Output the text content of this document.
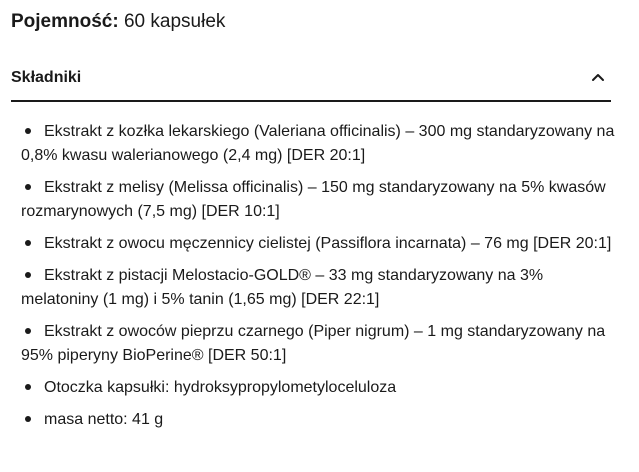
Pojemność: 60 kapsułek
Składniki
Ekstrakt z kozłka lekarskiego (Valeriana officinalis) – 300 mg standaryzowany na 0,8% kwasu walerianowego (2,4 mg) [DER 20:1]
Ekstrakt z melisy (Melissa officinalis) – 150 mg standaryzowany na 5% kwasów rozmarynowych (7,5 mg) [DER 10:1]
Ekstrakt z owocu męczennicy cielistej (Passiflora incarnata) – 76 mg [DER 20:1]
Ekstrakt z pistacji Melostacio-GOLD® – 33 mg standaryzowany na 3% melatoniny (1 mg) i 5% tanin (1,65 mg) [DER 22:1]
Ekstrakt z owoców pieprzu czarnego (Piper nigrum) – 1 mg standaryzowany na 95% piperyny BioPerine® [DER 50:1]
Otoczka kapsułki: hydroksypropylometyloceluloza
masa netto: 41 g
